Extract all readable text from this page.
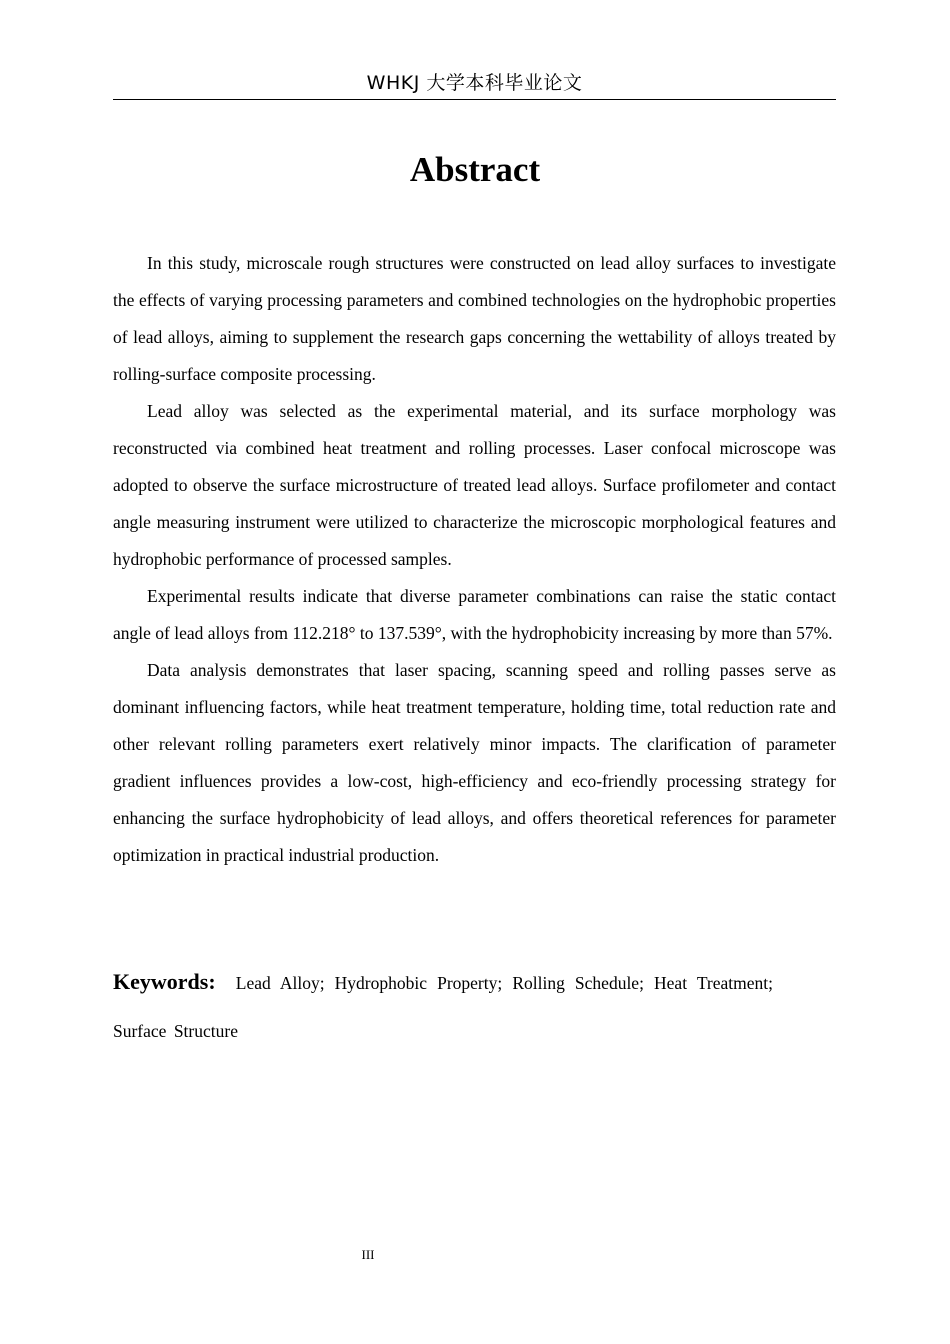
WHKJ 大学本科毕业论文
Abstract

In this study, microscale rough structures were constructed on lead alloy surfaces to investigate the effects of varying processing parameters and combined technologies on the hydrophobic properties of lead alloys, aiming to supplement the research gaps concerning the wettability of alloys treated by rolling-surface composite processing.

Lead alloy was selected as the experimental material, and its surface morphology was reconstructed via combined heat treatment and rolling processes. Laser confocal microscope was adopted to observe the surface microstructure of treated lead alloys. Surface profilometer and contact angle measuring instrument were utilized to characterize the microscopic morphological features and hydrophobic performance of processed samples.

Experimental results indicate that diverse parameter combinations can raise the static contact angle of lead alloys from 112.218° to 137.539°, with the hydrophobicity increasing by more than 57%.

Data analysis demonstrates that laser spacing, scanning speed and rolling passes serve as dominant influencing factors, while heat treatment temperature, holding time, total reduction rate and other relevant rolling parameters exert relatively minor impacts. The clarification of parameter gradient influences provides a low-cost, high-efficiency and eco-friendly processing strategy for enhancing the surface hydrophobicity of lead alloys, and offers theoretical references for parameter optimization in practical industrial production.

Keywords: Lead Alloy; Hydrophobic Property; Rolling Schedule; Heat Treatment; Surface Structure
III
